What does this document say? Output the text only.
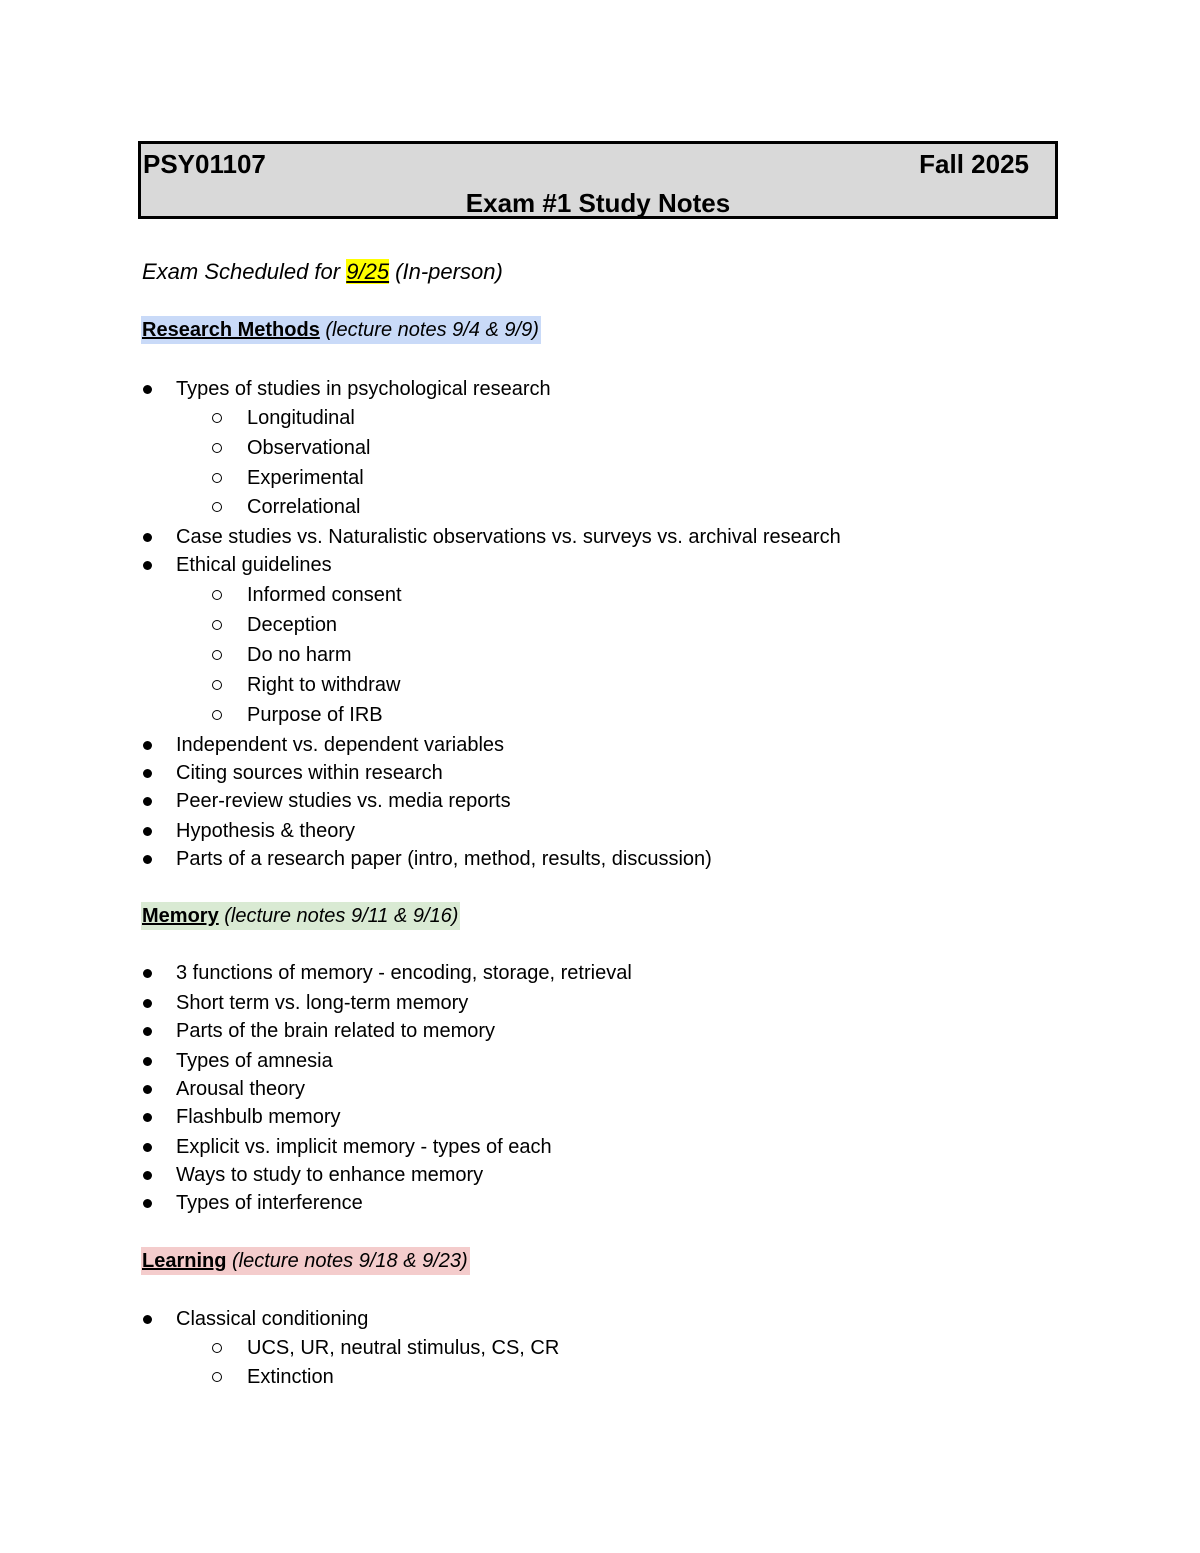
PSY01107	Fall 2025
Exam #1 Study Notes
Exam Scheduled for 9/25 (In-person)
Research Methods (lecture notes 9/4 & 9/9)
Types of studies in psychological research
Longitudinal
Observational
Experimental
Correlational
Case studies vs. Naturalistic observations vs. surveys vs. archival research
Ethical guidelines
Informed consent
Deception
Do no harm
Right to withdraw
Purpose of IRB
Independent vs. dependent variables
Citing sources within research
Peer-review studies vs. media reports
Hypothesis & theory
Parts of a research paper (intro, method, results, discussion)
Memory (lecture notes 9/11 & 9/16)
3 functions of memory - encoding, storage, retrieval
Short term vs. long-term memory
Parts of the brain related to memory
Types of amnesia
Arousal theory
Flashbulb memory
Explicit vs. implicit memory - types of each
Ways to study to enhance memory
Types of interference
Learning (lecture notes 9/18 & 9/23)
Classical conditioning
UCS, UR, neutral stimulus, CS, CR
Extinction
